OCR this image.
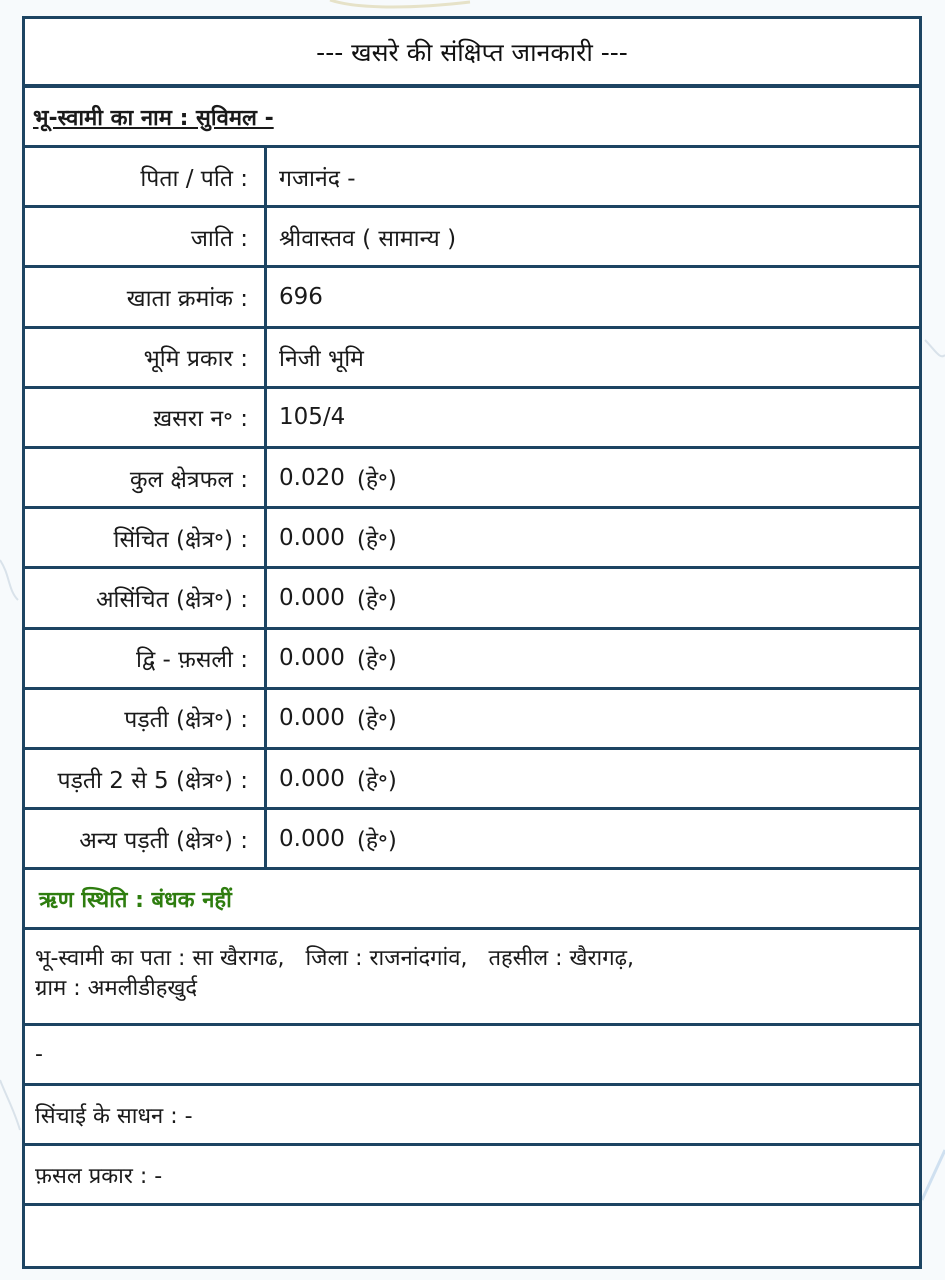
--- खसरे की संक्षिप्त जानकारी ---
भू-स्वामी का नाम : सुविमल -
पिता / पति :	गजानंद -
जाति :	श्रीवास्तव ( सामान्य )
खाता क्रमांक :	696
भूमि प्रकार :	निजी भूमि
ख़सरा न॰ :	105/4
कुल क्षेत्रफल :	0.020 (हे॰)
सिंचित (क्षेत्र॰) :	0.000 (हे॰)
असिंचित (क्षेत्र॰) :	0.000 (हे॰)
द्वि - फ़सली :	0.000 (हे॰)
पड़ती (क्षेत्र॰) :	0.000 (हे॰)
पड़ती 2 से 5 (क्षेत्र॰) :	0.000 (हे॰)
अन्य पड़ती (क्षेत्र॰) :	0.000 (हे॰)
ऋण स्थिति : बंधक नहीं
भू-स्वामी का पता : सा खैरागढ, जिला : राजनांदगांव, तहसील : खैरागढ़,
ग्राम : अमलीडीहखुर्द
-
सिंचाई के साधन : -
फ़सल प्रकार : -
